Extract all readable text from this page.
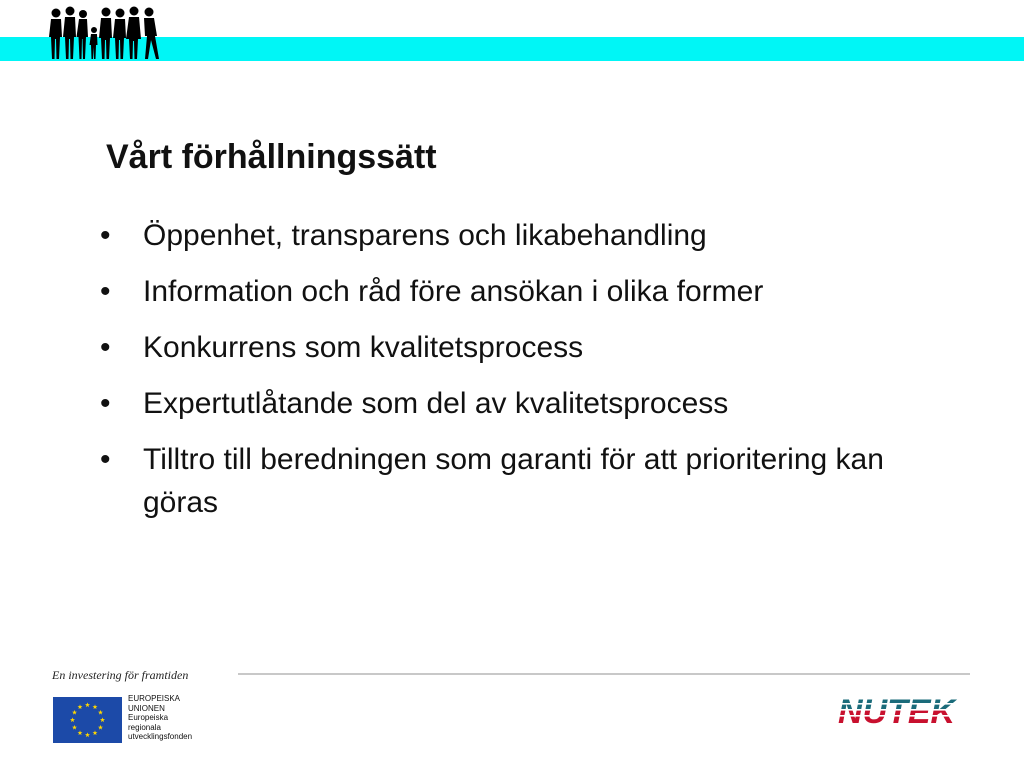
Vårt förhållningssätt
• Öppenhet, transparens och likabehandling
• Information och råd före ansökan i olika former
• Konkurrens som kvalitetsprocess
• Expertutlåtande som del av kvalitetsprocess
• Tilltro till beredningen som garanti för att prioritering kan göras
En investering för framtiden
EUROPEISKA
UNIONEN
Europeiska
regionala
utvecklingsfonden
